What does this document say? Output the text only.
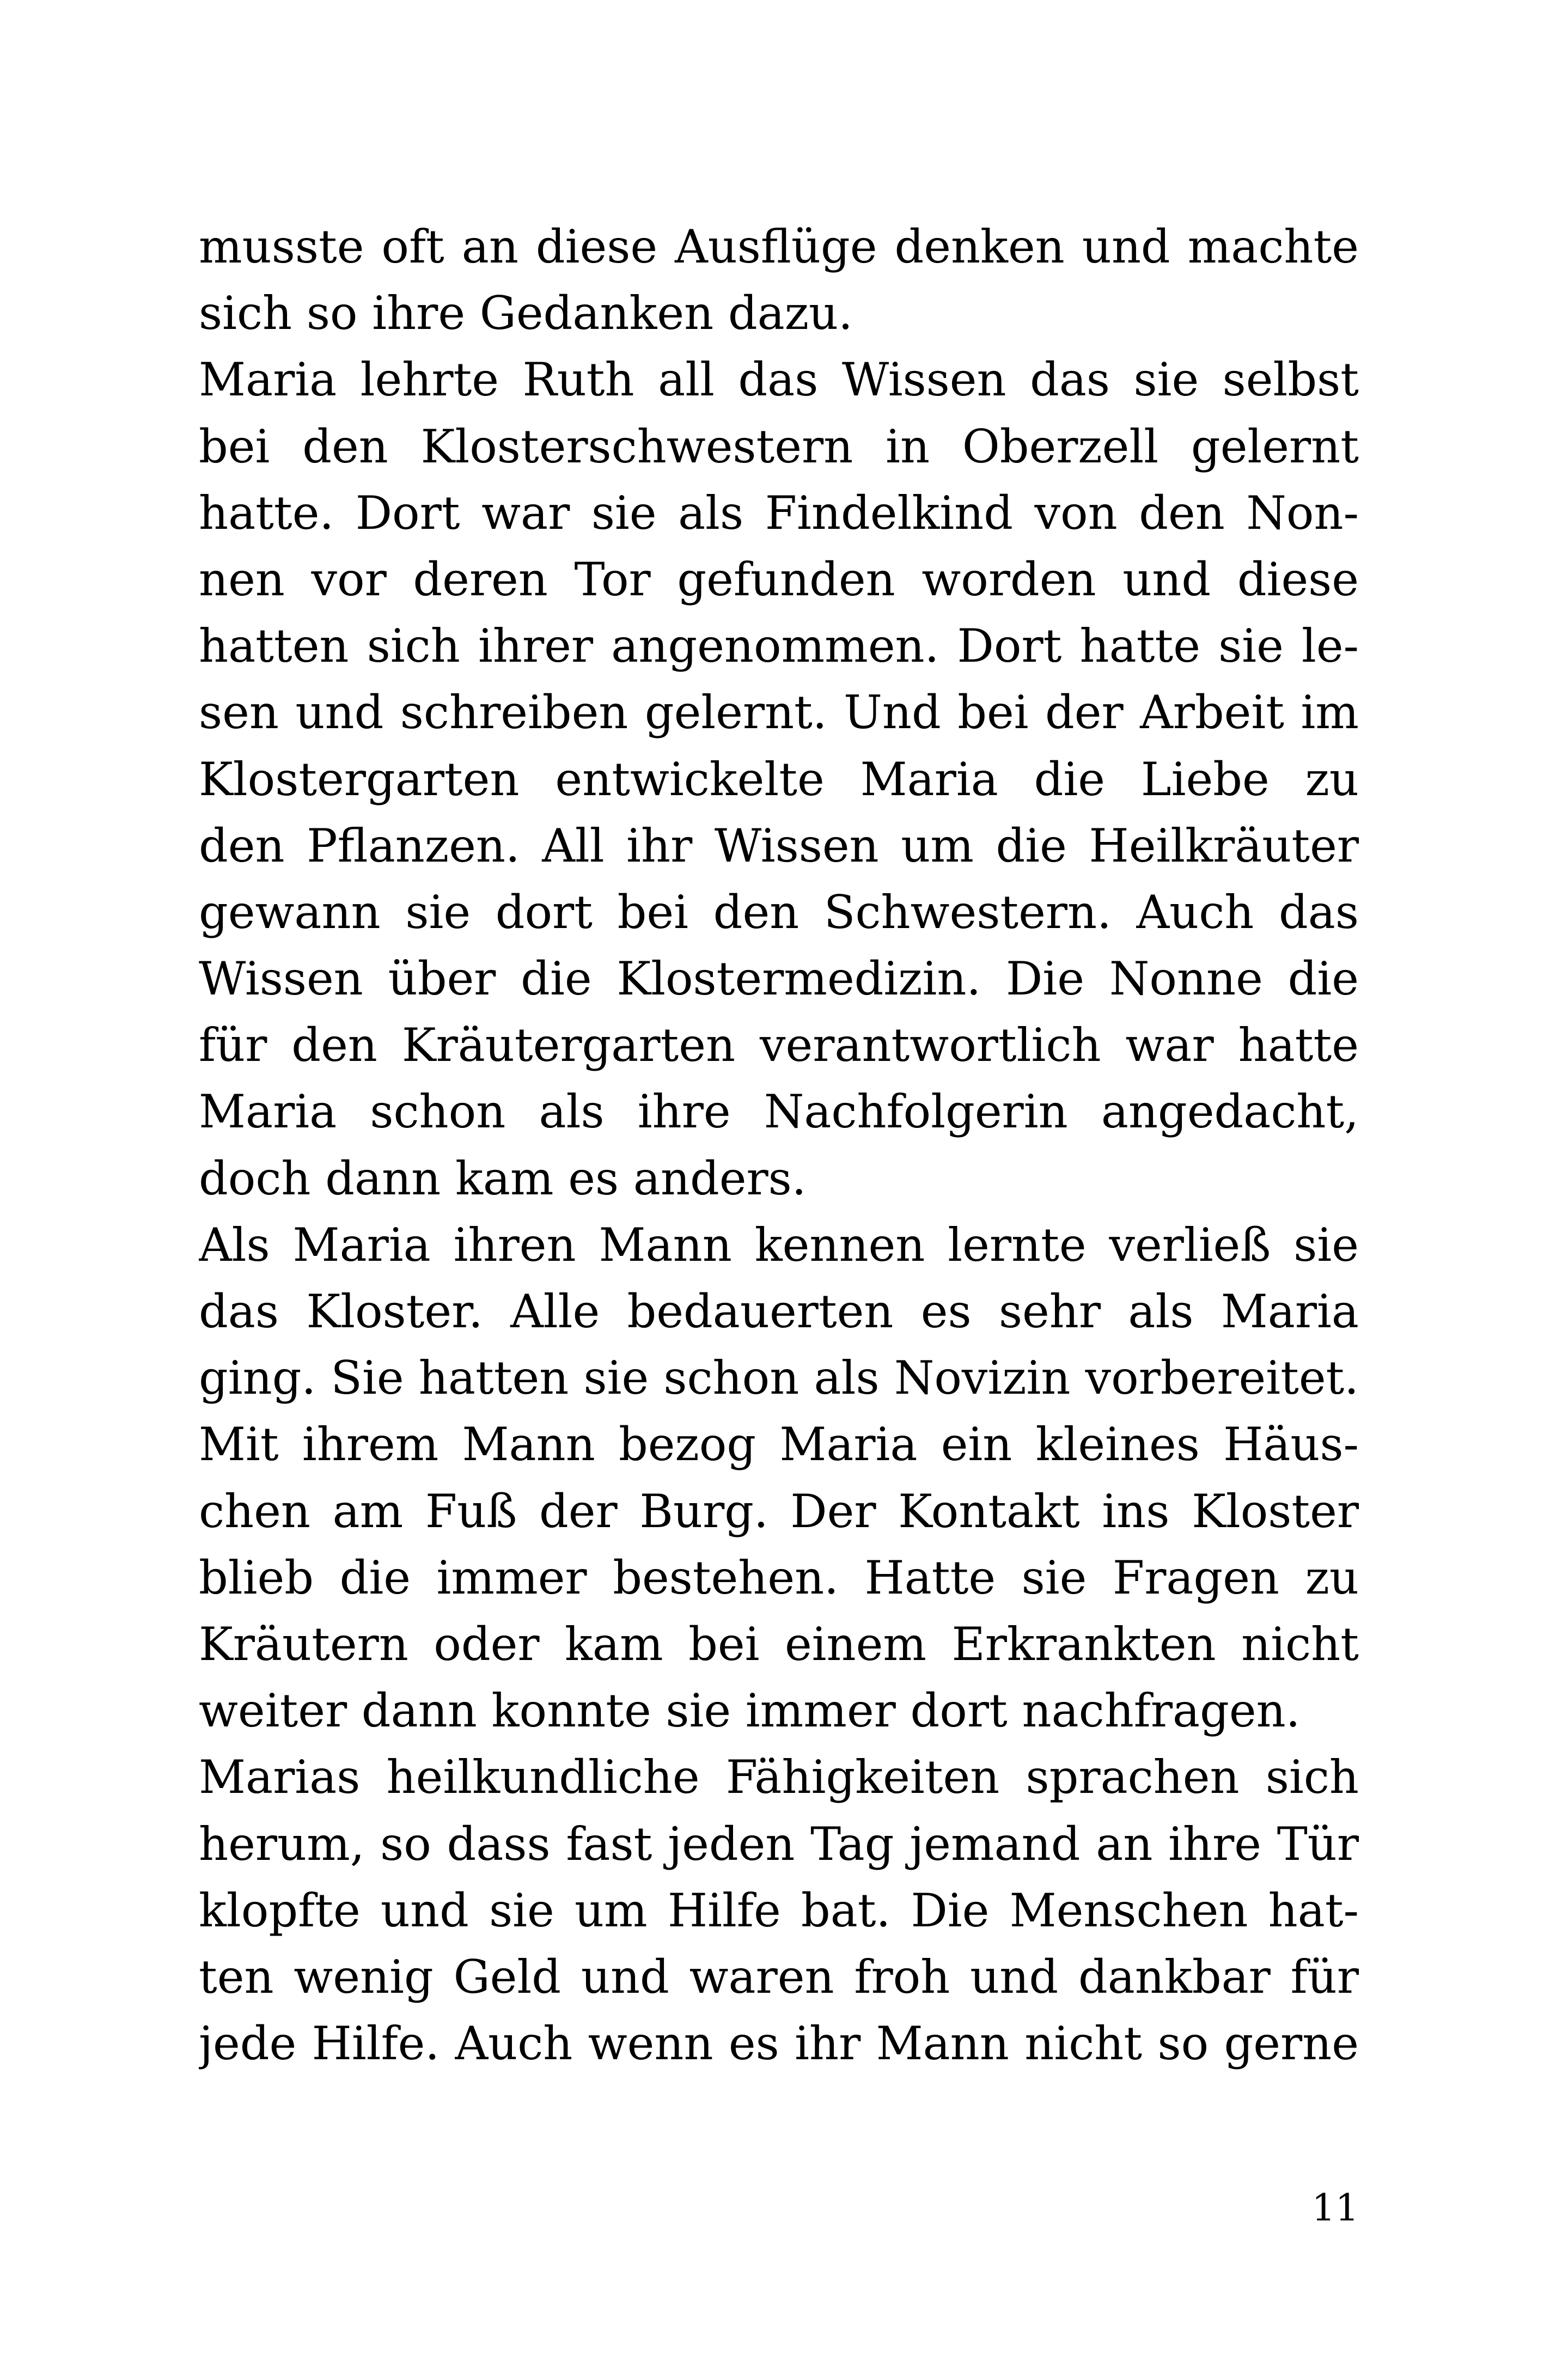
musste oft an diese Ausflüge denken und machte
sich so ihre Gedanken dazu.
Maria lehrte Ruth all das Wissen das sie selbst
bei den Klosterschwestern in Oberzell gelernt
hatte. Dort war sie als Findelkind von den Non-
nen vor deren Tor gefunden worden und diese
hatten sich ihrer angenommen. Dort hatte sie le-
sen und schreiben gelernt. Und bei der Arbeit im
Klostergarten entwickelte Maria die Liebe zu
den Pflanzen. All ihr Wissen um die Heilkräuter
gewann sie dort bei den Schwestern. Auch das
Wissen über die Klostermedizin. Die Nonne die
für den Kräutergarten verantwortlich war hatte
Maria schon als ihre Nachfolgerin angedacht,
doch dann kam es anders.
Als Maria ihren Mann kennen lernte verließ sie
das Kloster. Alle bedauerten es sehr als Maria
ging. Sie hatten sie schon als Novizin vorbereitet.
Mit ihrem Mann bezog Maria ein kleines Häus-
chen am Fuß der Burg. Der Kontakt ins Kloster
blieb die immer bestehen. Hatte sie Fragen zu
Kräutern oder kam bei einem Erkrankten nicht
weiter dann konnte sie immer dort nachfragen.
Marias heilkundliche Fähigkeiten sprachen sich
herum, so dass fast jeden Tag jemand an ihre Tür
klopfte und sie um Hilfe bat. Die Menschen hat-
ten wenig Geld und waren froh und dankbar für
jede Hilfe. Auch wenn es ihr Mann nicht so gerne
11
